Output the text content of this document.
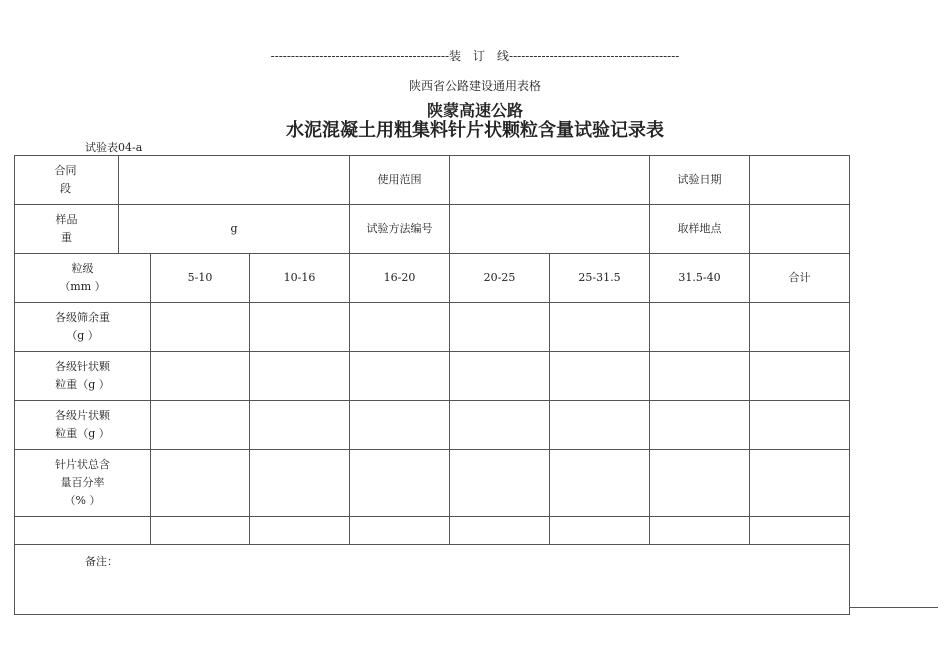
--------------------------------------------装　订　线------------------------------------------
陕西省公路建设通用表格
陕蒙高速公路
水泥混凝土用粗集料针片状颗粒含量试验记录表
试验表04-a
合同
段				使用范围			试验日期	
样品
重	g			试验方法编号			取样地点	
粒级
（mm ）		5-10	10-16	16-20	20-25	25-31.5	31.5-40	合计
各级筛余重
（g ）								
各级针状颗
粒重（g ）								
各级片状颗
粒重（g ）								
针片状总含
量百分率
（% ）								

备注：								
